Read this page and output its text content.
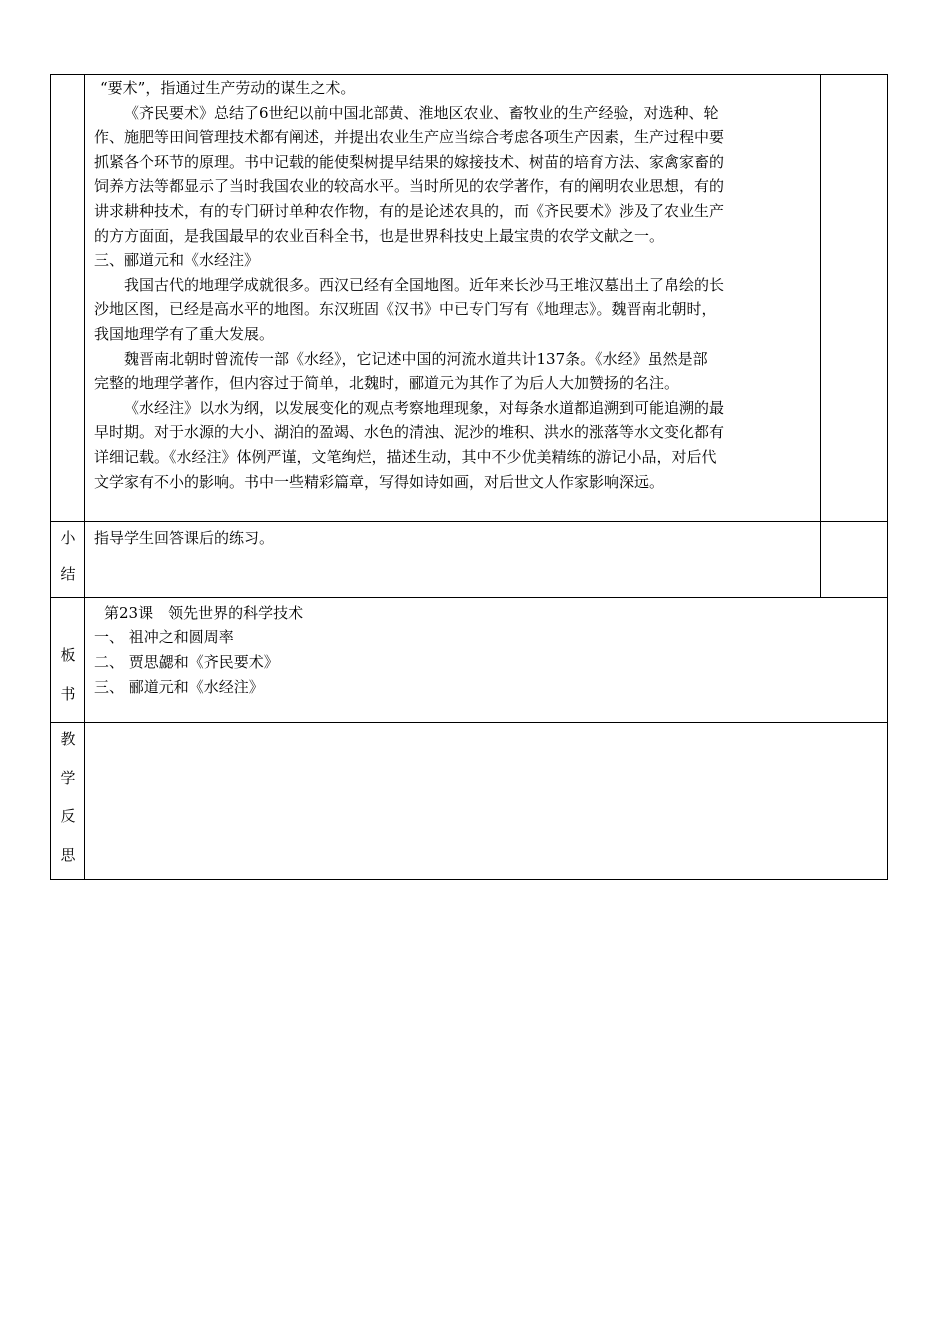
“要术”，指通过生产劳动的谋生之术。
《齐民要术》总结了6世纪以前中国北部黄、淮地区农业、畜牧业的生产经验，对选种、轮
作、施肥等田间管理技术都有阐述，并提出农业生产应当综合考虑各项生产因素，生产过程中要
抓紧各个环节的原理。书中记载的能使梨树提早结果的嫁接技术、树苗的培育方法、家禽家畜的
饲养方法等都显示了当时我国农业的较高水平。当时所见的农学著作，有的阐明农业思想，有的
讲求耕种技术，有的专门研讨单种农作物，有的是论述农具的，而《齐民要术》涉及了农业生产
的方方面面，是我国最早的农业百科全书，也是世界科技史上最宝贵的农学文献之一。
三、郦道元和《水经注》
我国古代的地理学成就很多。西汉已经有全国地图。近年来长沙马王堆汉墓出土了帛绘的长
沙地区图，已经是高水平的地图。东汉班固《汉书》中已专门写有《地理志》。魏晋南北朝时，
我国地理学有了重大发展。
魏晋南北朝时曾流传一部《水经》，它记述中国的河流水道共计137条。《水经》虽然是部
完整的地理学著作，但内容过于简单，北魏时，郦道元为其作了为后人大加赞扬的名注。
《水经注》以水为纲，以发展变化的观点考察地理现象，对每条水道都追溯到可能追溯的最
早时期。对于水源的大小、湖泊的盈竭、水色的清浊、泥沙的堆积、洪水的涨落等水文变化都有
详细记载。《水经注》体例严谨，文笔绚烂，描述生动，其中不少优美精练的游记小品，对后代
文学家有不小的影响。书中一些精彩篇章，写得如诗如画，对后世文人作家影响深远。
小
结
指导学生回答课后的练习。
板
书
第23课　领先世界的科学技术
一、 祖冲之和圆周率
二、 贾思勰和《齐民要术》
三、 郦道元和《水经注》
教
学
反
思
